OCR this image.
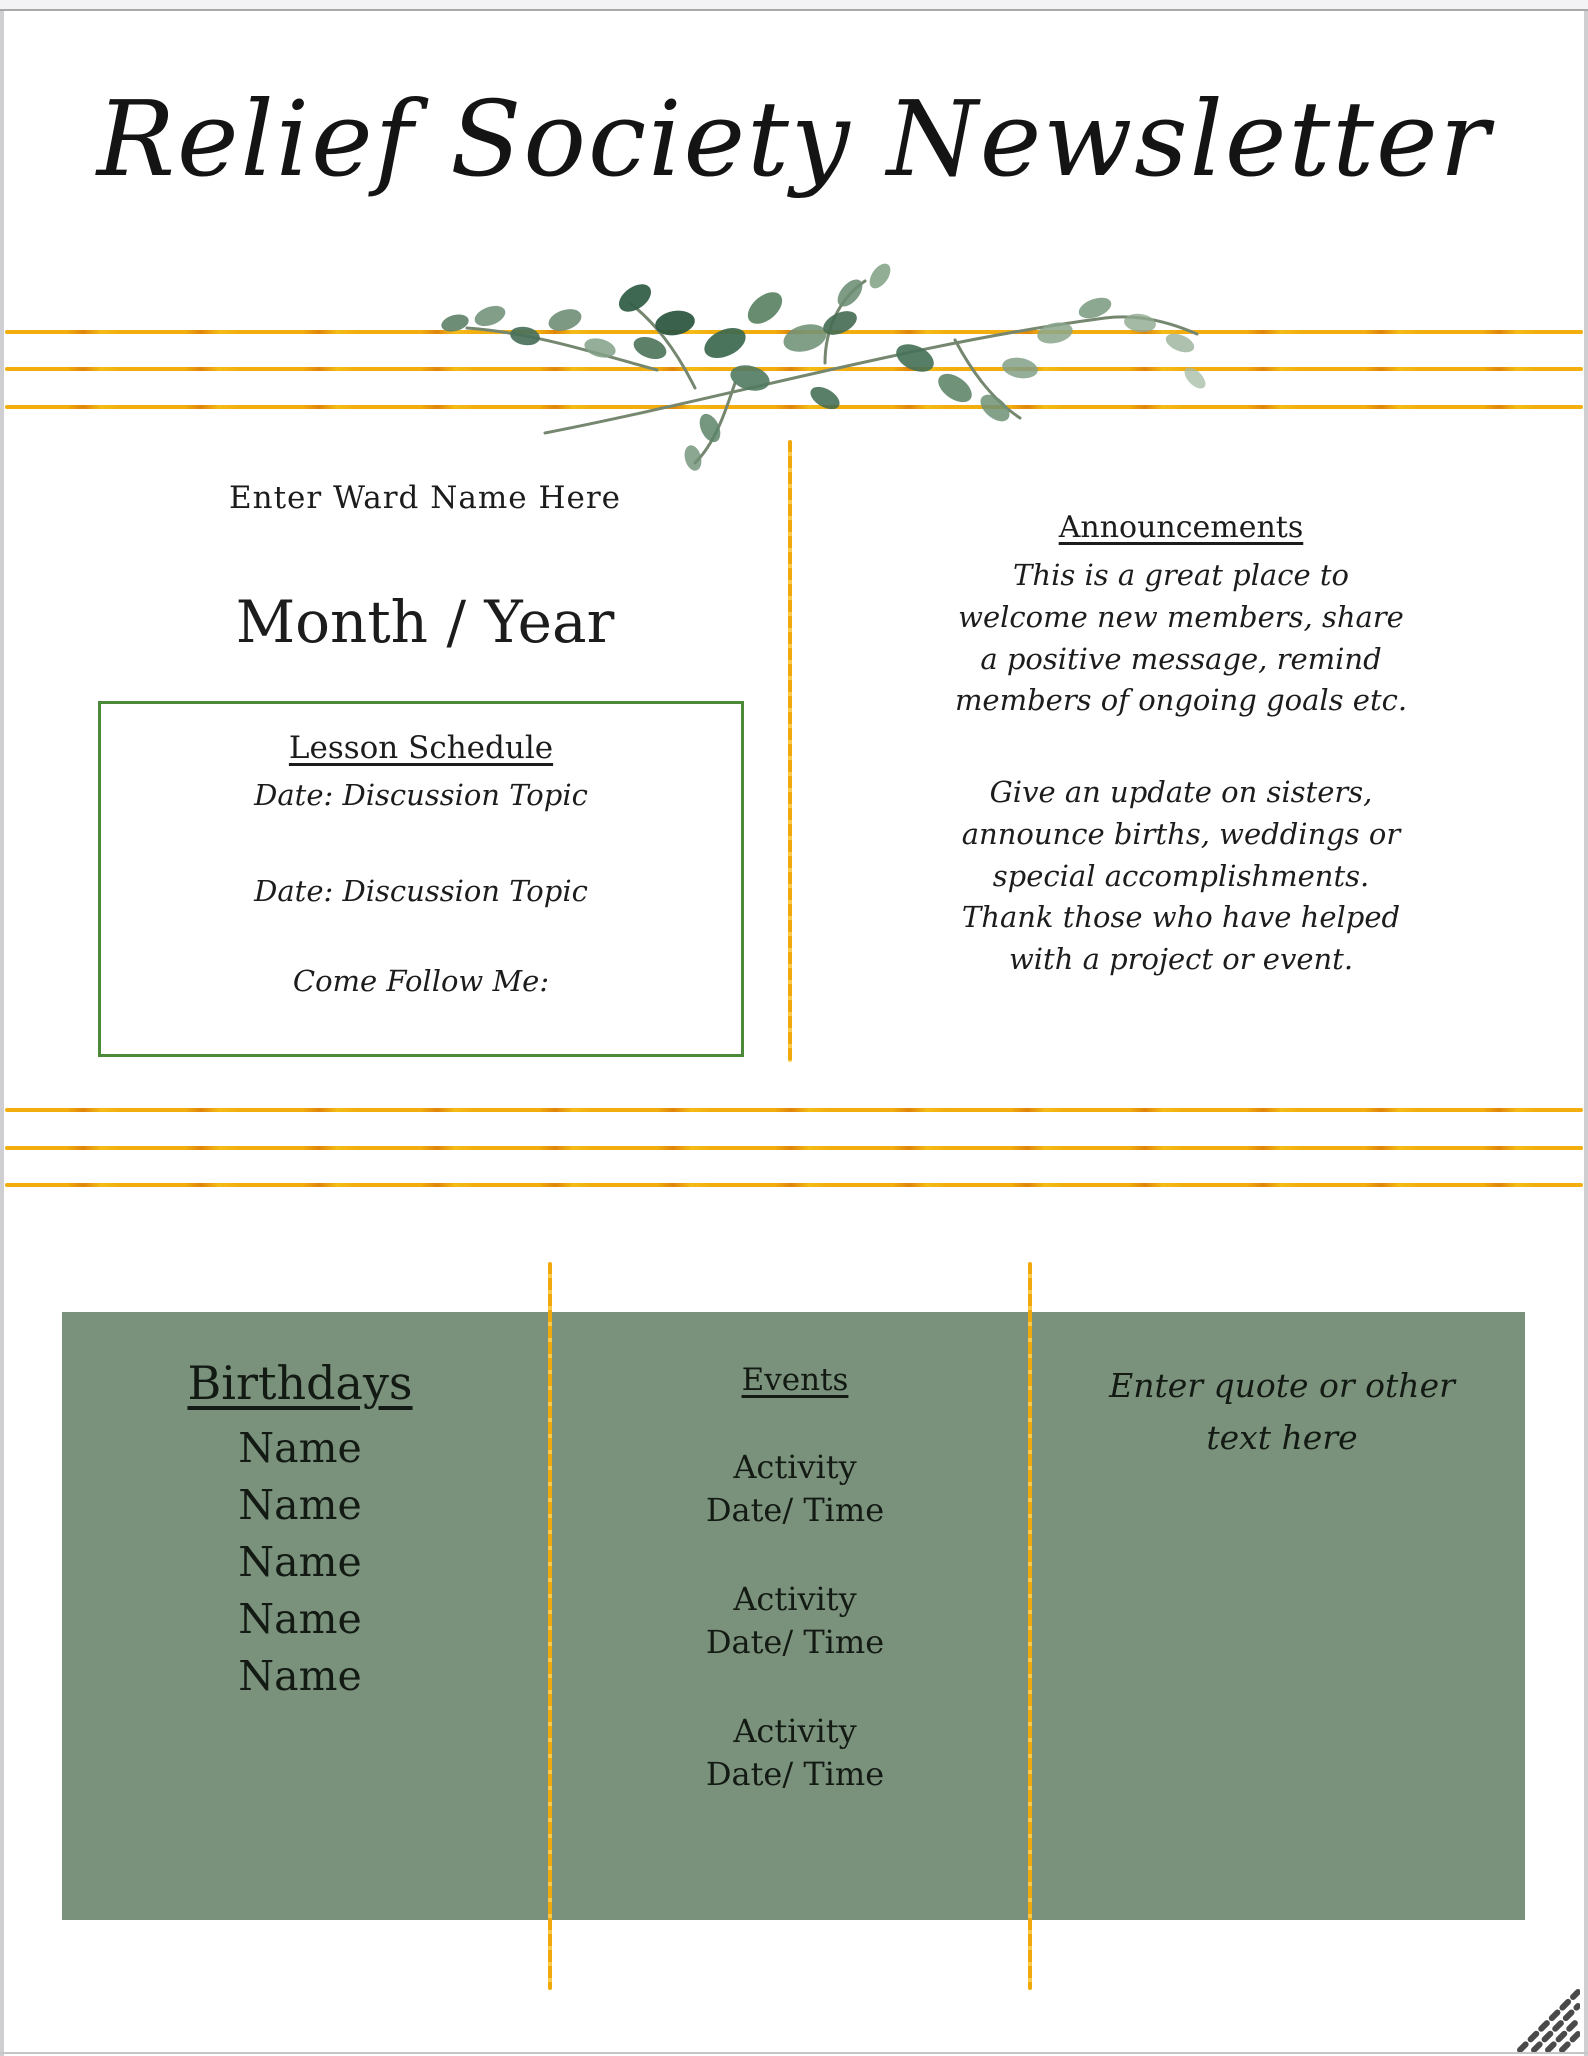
Relief Society Newsletter
Enter Ward Name Here
Month / Year
Lesson Schedule
Date: Discussion Topic
Date: Discussion Topic
Come Follow Me:
Announcements

This is a great place to welcome new members, share a positive message, remind members of ongoing goals etc.

Give an update on sisters, announce births, weddings or special accomplishments. Thank those who have helped with a project or event.

Birthdays
Name
Name
Name
Name
Name
Events
Activity
Date/ Time
Activity
Date/ Time
Activity
Date/ Time
Enter quote or other text here
